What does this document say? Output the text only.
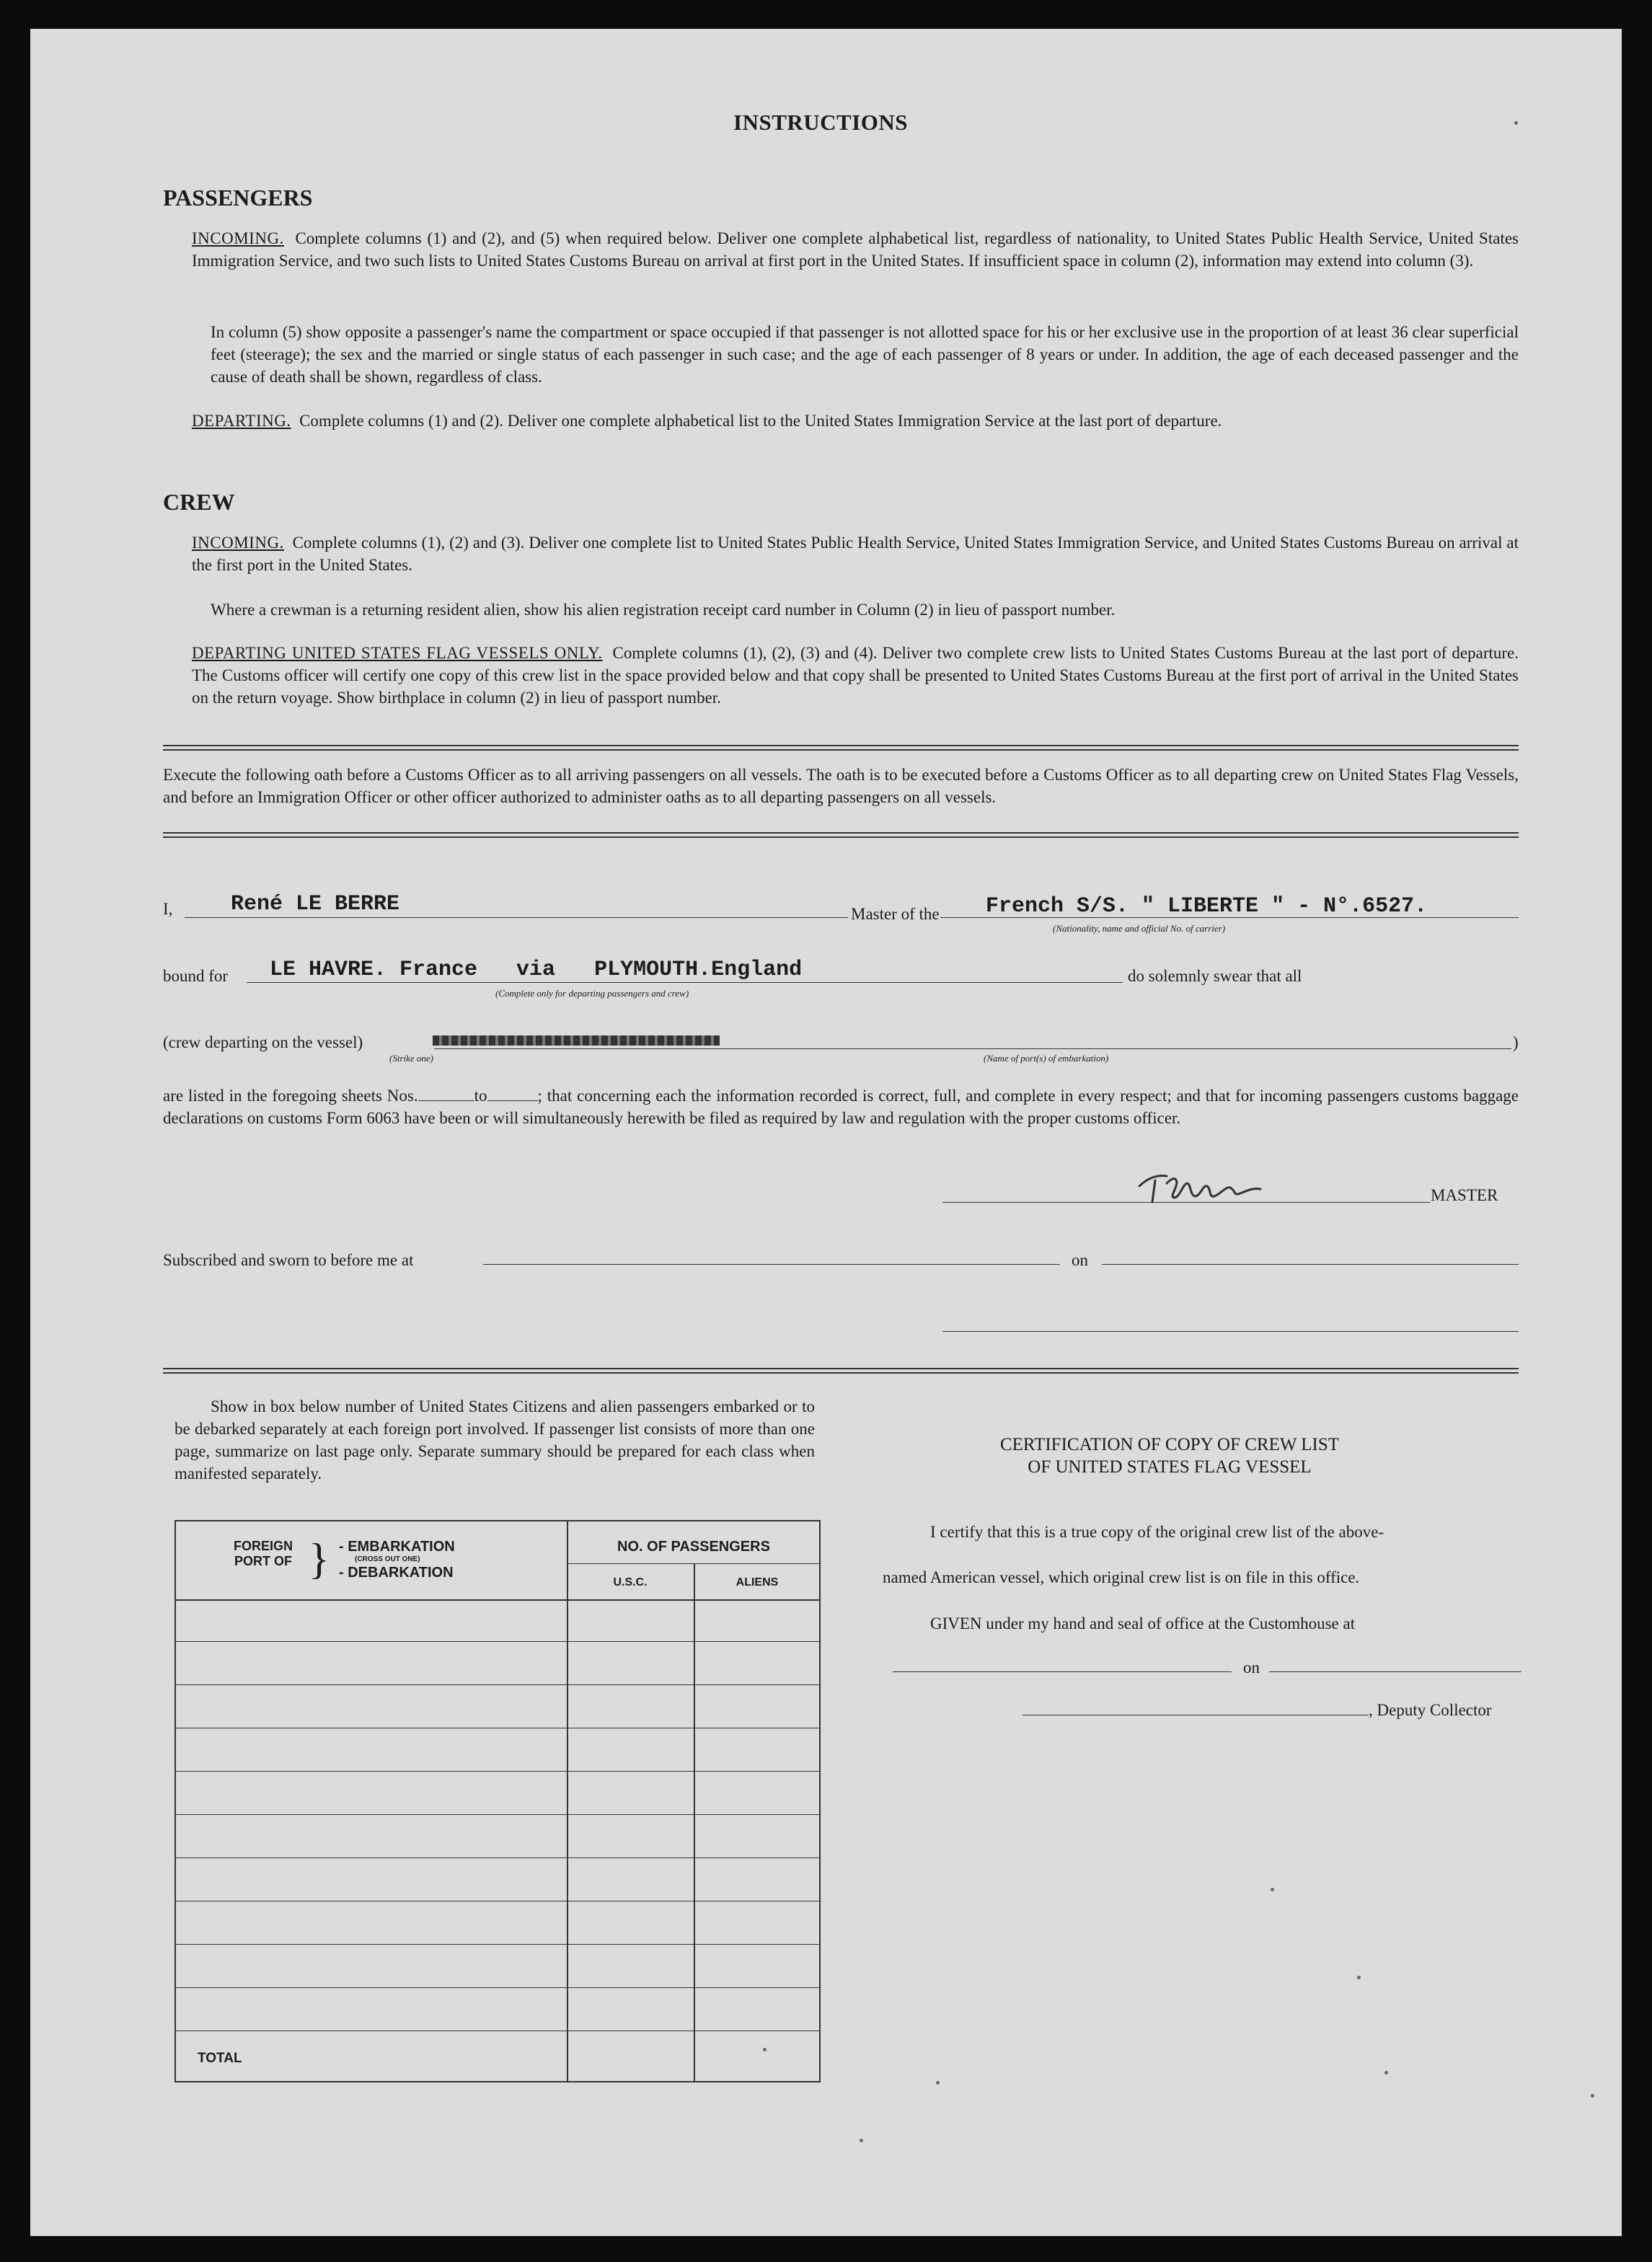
INSTRUCTIONS
PASSENGERS
INCOMING. Complete columns (1) and (2), and (5) when required below. Deliver one complete alphabetical list, regardless of nationality, to United States Public Health Service, United States Immigration Service, and two such lists to United States Customs Bureau on arrival at first port in the United States. If insufficient space in column (2), information may extend into column (3).
In column (5) show opposite a passenger's name the compartment or space occupied if that passenger is not allotted space for his or her exclusive use in the proportion of at least 36 clear superficial feet (steerage); the sex and the married or single status of each passenger in such case; and the age of each passenger of 8 years or under. In addition, the age of each deceased passenger and the cause of death shall be shown, regardless of class.
DEPARTING. Complete columns (1) and (2). Deliver one complete alphabetical list to the United States Immigration Service at the last port of departure.
CREW
INCOMING. Complete columns (1), (2) and (3). Deliver one complete list to United States Public Health Service, United States Immigration Service, and United States Customs Bureau on arrival at the first port in the United States.
Where a crewman is a returning resident alien, show his alien registration receipt card number in Column (2) in lieu of passport number.
DEPARTING UNITED STATES FLAG VESSELS ONLY. Complete columns (1), (2), (3) and (4). Deliver two complete crew lists to United States Customs Bureau at the last port of departure. The Customs officer will certify one copy of this crew list in the space provided below and that copy shall be presented to United States Customs Bureau at the first port of arrival in the United States on the return voyage. Show birthplace in column (2) in lieu of passport number.
Execute the following oath before a Customs Officer as to all arriving passengers on all vessels. The oath is to be executed before a Customs Officer as to all departing crew on United States Flag Vessels, and before an Immigration Officer or other officer authorized to administer oaths as to all departing passengers on all vessels.
I,	René LE BERRE	Master of the French S/S. " LIBERTE " - N°.6527.
(Nationality, name and official No. of carrier)
bound for LE HAVRE. France   via   PLYMOUTH.England
(Complete only for departing passengers and crew)
do solemnly swear that all
(crew departing on the vessel)
(Strike one)	(Name of port(s) of embarkation)
)
are listed in the foregoing sheets Nos.	to	; that concerning each the information recorded is correct, full, and complete in every respect; and that for incoming passengers customs baggage declarations on customs Form 6063 have been or will simultaneously herewith be filed as required by law and regulation with the proper customs officer.
MASTER
Subscribed and sworn to before me at	on
Show in box below number of United States Citizens and alien passengers embarked or to be debarked separately at each foreign port involved. If passenger list consists of more than one page, summarize on last page only. Separate summary should be prepared for each class when manifested separately.
FOREIGN PORT OF } - EMBARKATION
(CROSS OUT ONE)
- DEBARKATION
NO. OF PASSENGERS
U.S.C.	ALIENS
TOTAL
CERTIFICATION OF COPY OF CREW LIST
OF UNITED STATES FLAG VESSEL
I certify that this is a true copy of the original crew list of the above-
named American vessel, which original crew list is on file in this office.
GIVEN under my hand and seal of office at the Customhouse at
on
, Deputy Collector
